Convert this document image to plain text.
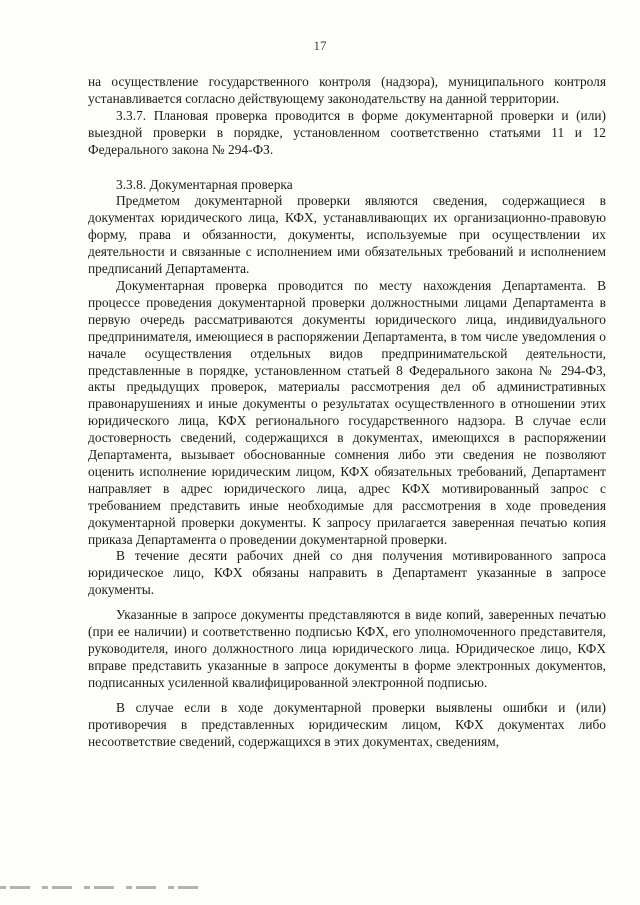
17

на осуществление государственного контроля (надзора), муниципального контроля устанавливается согласно действующему законодательству на данной территории.

3.3.7. Плановая проверка проводится в форме документарной проверки и (или) выездной проверки в порядке, установленном соответственно статьями 11 и 12 Федерального закона № 294-ФЗ.

3.3.8. Документарная проверка

Предметом документарной проверки являются сведения, содержащиеся в документах юридического лица, КФХ, устанавливающих их организационно-правовую форму, права и обязанности, документы, используемые при осуществлении их деятельности и связанные с исполнением ими обязательных требований и исполнением предписаний Департамента.

Документарная проверка проводится по месту нахождения Департамента. В процессе проведения документарной проверки должностными лицами Департамента в первую очередь рассматриваются документы юридического лица, индивидуального предпринимателя, имеющиеся в распоряжении Департамента, в том числе уведомления о начале осуществления отдельных видов предпринимательской деятельности, представленные в порядке, установленном статьей 8 Федерального закона № 294-ФЗ, акты предыдущих проверок, материалы рассмотрения дел об административных правонарушениях и иные документы о результатах осуществленного в отношении этих юридического лица, КФХ регионального государственного надзора. В случае если достоверность сведений, содержащихся в документах, имеющихся в распоряжении Департамента, вызывает обоснованные сомнения либо эти сведения не позволяют оценить исполнение юридическим лицом, КФХ обязательных требований, Департамент направляет в адрес юридического лица, адрес КФХ мотивированный запрос с требованием представить иные необходимые для рассмотрения в ходе проведения документарной проверки документы. К запросу прилагается заверенная печатью копия приказа Департамента о проведении документарной проверки.

В течение десяти рабочих дней со дня получения мотивированного запроса юридическое лицо, КФХ обязаны направить в Департамент указанные в запросе документы.

Указанные в запросе документы представляются в виде копий, заверенных печатью (при ее наличии) и соответственно подписью КФХ, его уполномоченного представителя, руководителя, иного должностного лица юридического лица. Юридическое лицо, КФХ вправе представить указанные в запросе документы в форме электронных документов, подписанных усиленной квалифицированной электронной подписью.

В случае если в ходе документарной проверки выявлены ошибки и (или) противоречия в представленных юридическим лицом, КФХ документах либо несоответствие сведений, содержащихся в этих документах, сведениям,
